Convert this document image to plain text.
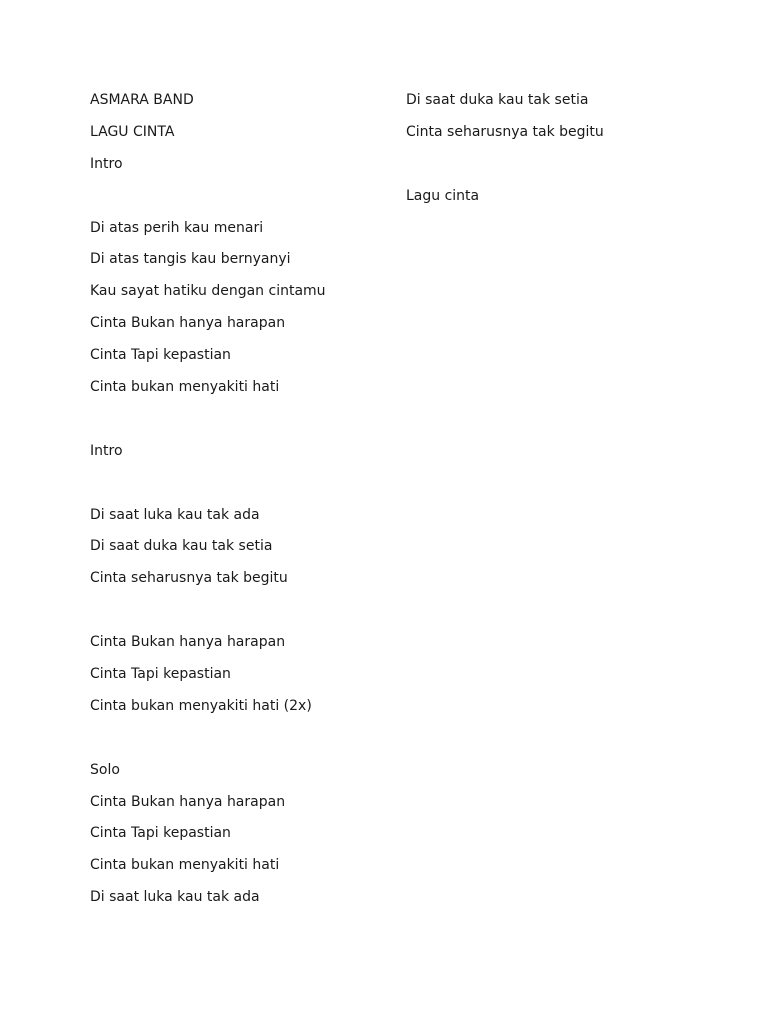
ASMARA BAND
LAGU CINTA
Intro
Di atas perih kau menari
Di atas tangis kau bernyanyi
Kau sayat hatiku dengan cintamu
Cinta Bukan hanya harapan
Cinta Tapi kepastian
Cinta bukan menyakiti hati
Intro
Di saat luka kau tak ada
Di saat duka kau tak setia
Cinta seharusnya tak begitu
Cinta Bukan hanya harapan
Cinta Tapi kepastian
Cinta bukan menyakiti hati (2x)
Solo
Cinta Bukan hanya harapan
Cinta Tapi kepastian
Cinta bukan menyakiti hati
Di saat luka kau tak ada
Di saat duka kau tak setia
Cinta seharusnya tak begitu
Lagu cinta
